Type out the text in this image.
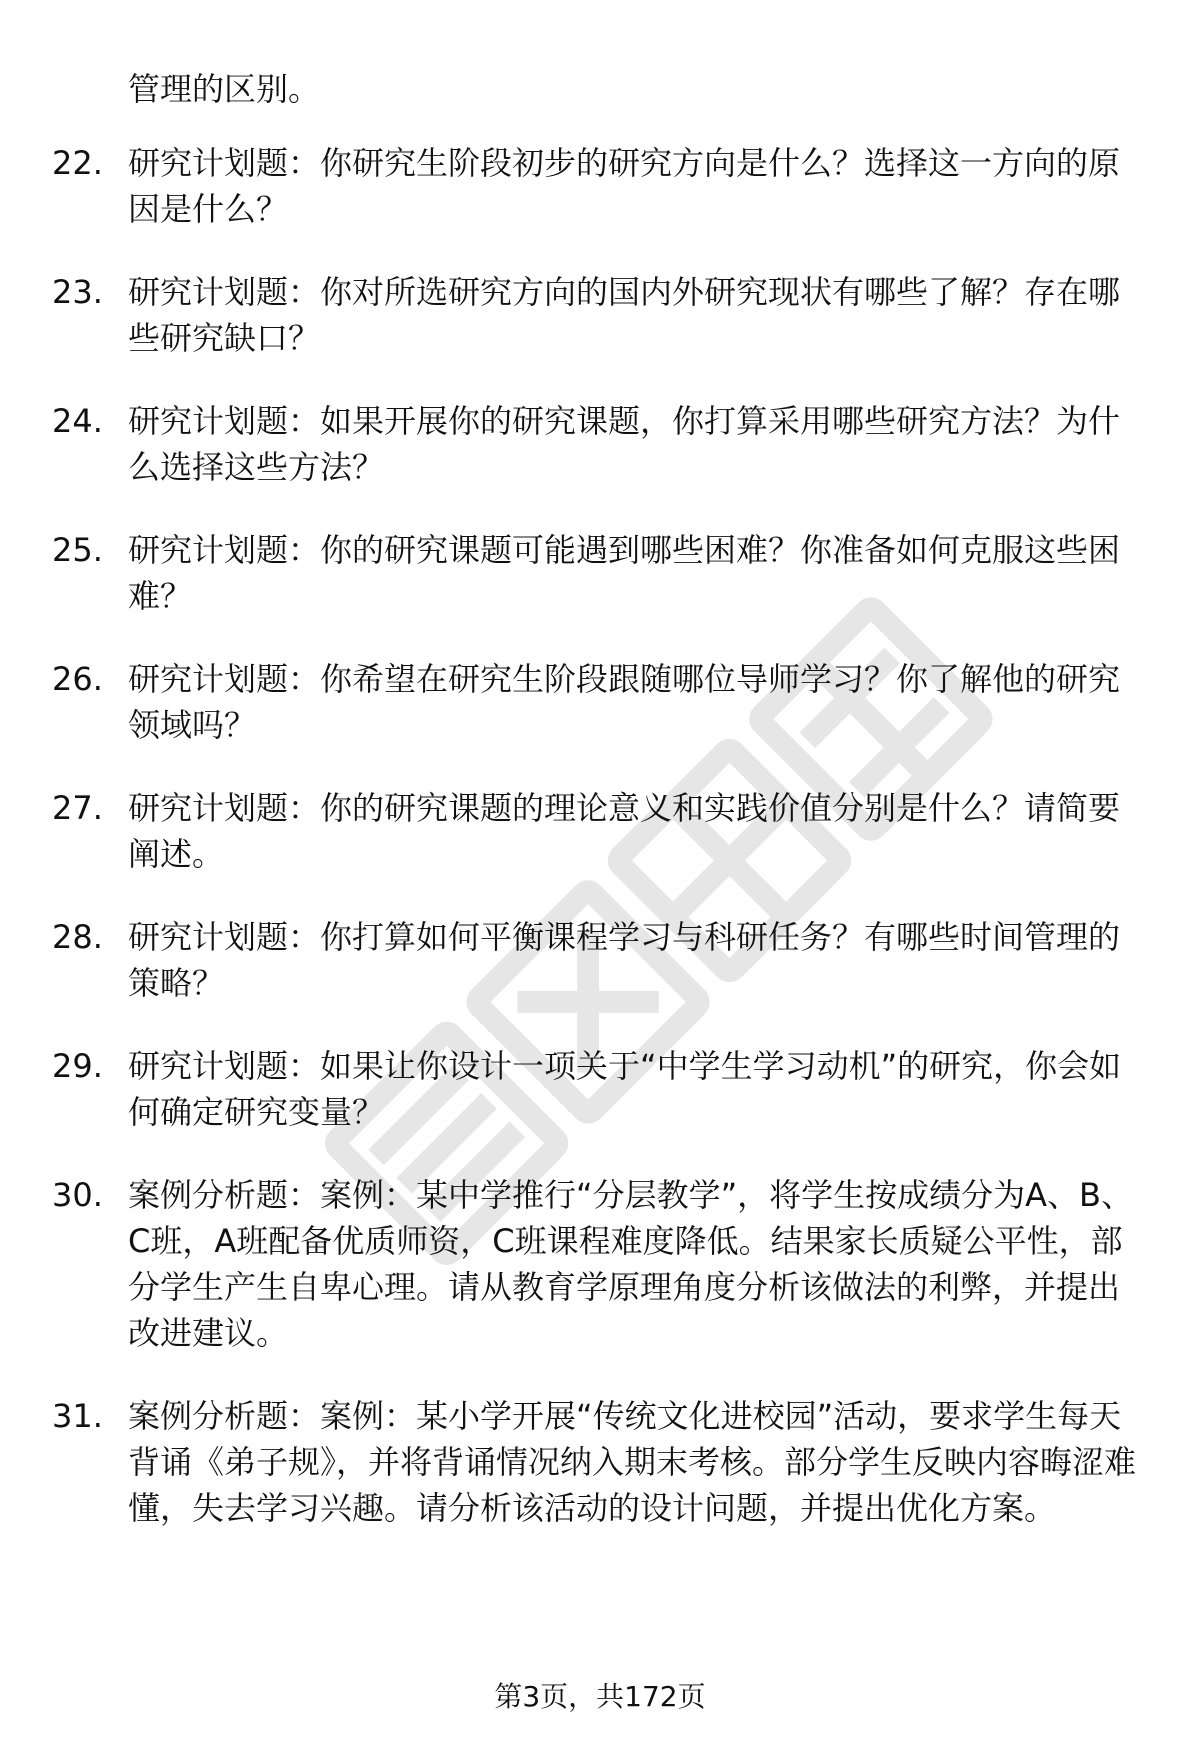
管理的区别。
22. 研究计划题：你研究生阶段初步的研究方向是什么？选择这一方向的原因是什么？
23. 研究计划题：你对所选研究方向的国内外研究现状有哪些了解？存在哪些研究缺口？
24. 研究计划题：如果开展你的研究课题，你打算采用哪些研究方法？为什么选择这些方法？
25. 研究计划题：你的研究课题可能遇到哪些困难？你准备如何克服这些困难？
26. 研究计划题：你希望在研究生阶段跟随哪位导师学习？你了解他的研究领域吗？
27. 研究计划题：你的研究课题的理论意义和实践价值分别是什么？请简要阐述。
28. 研究计划题：你打算如何平衡课程学习与科研任务？有哪些时间管理的策略？
29. 研究计划题：如果让你设计一项关于“中学生学习动机”的研究，你会如何确定研究变量？
30. 案例分析题：案例：某中学推行“分层教学”，将学生按成绩分为A、B、C班，A班配备优质师资，C班课程难度降低。结果家长质疑公平性，部分学生产生自卑心理。请从教育学原理角度分析该做法的利弊，并提出改进建议。
31. 案例分析题：案例：某小学开展“传统文化进校园”活动，要求学生每天背诵《弟子规》，并将背诵情况纳入期末考核。部分学生反映内容晦涩难懂，失去学习兴趣。请分析该活动的设计问题，并提出优化方案。
第3页，共172页
